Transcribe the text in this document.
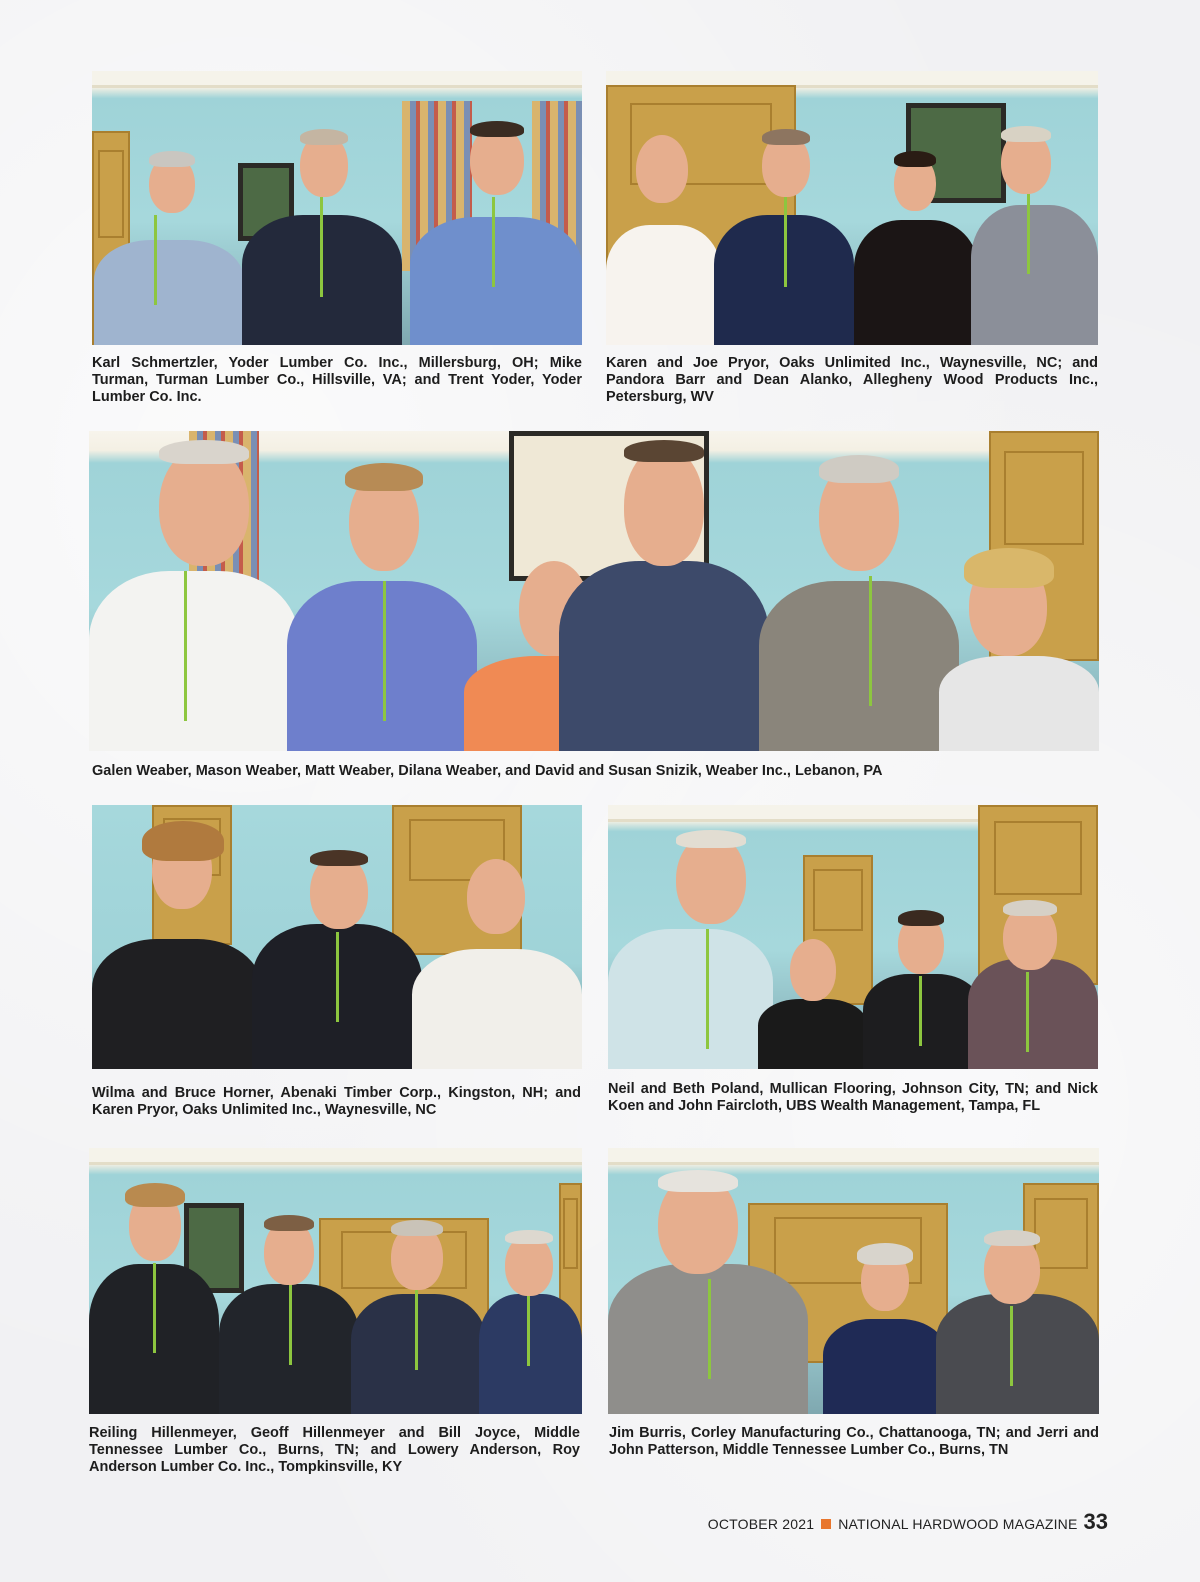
Karl Schmertzler, Yoder Lumber Co. Inc., Millersburg, OH; Mike Turman, Turman Lumber Co., Hillsville, VA; and Trent Yoder, Yoder Lumber Co. Inc.

Karen and Joe Pryor, Oaks Unlimited Inc., Waynesville, NC; and Pandora Barr and Dean Alanko, Allegheny Wood Products Inc., Petersburg, WV

Galen Weaber, Mason Weaber, Matt Weaber, Dilana Weaber, and David and Susan Snizik, Weaber Inc., Lebanon, PA

Wilma and Bruce Horner, Abenaki Timber Corp., Kingston, NH; and Karen Pryor, Oaks Unlimited Inc., Waynesville, NC

Neil and Beth Poland, Mullican Flooring, Johnson City, TN; and Nick Koen and John Faircloth, UBS Wealth Management, Tampa, FL

Reiling Hillenmeyer, Geoff Hillenmeyer and Bill Joyce, Middle Tennessee Lumber Co., Burns, TN; and Lowery Anderson, Roy Anderson Lumber Co. Inc., Tompkinsville, KY

Jim Burris, Corley Manufacturing Co., Chattanooga, TN; and Jerri and John Patterson, Middle Tennessee Lumber Co., Burns, TN

OCTOBER 2021 NATIONAL HARDWOOD MAGAZINE 33
